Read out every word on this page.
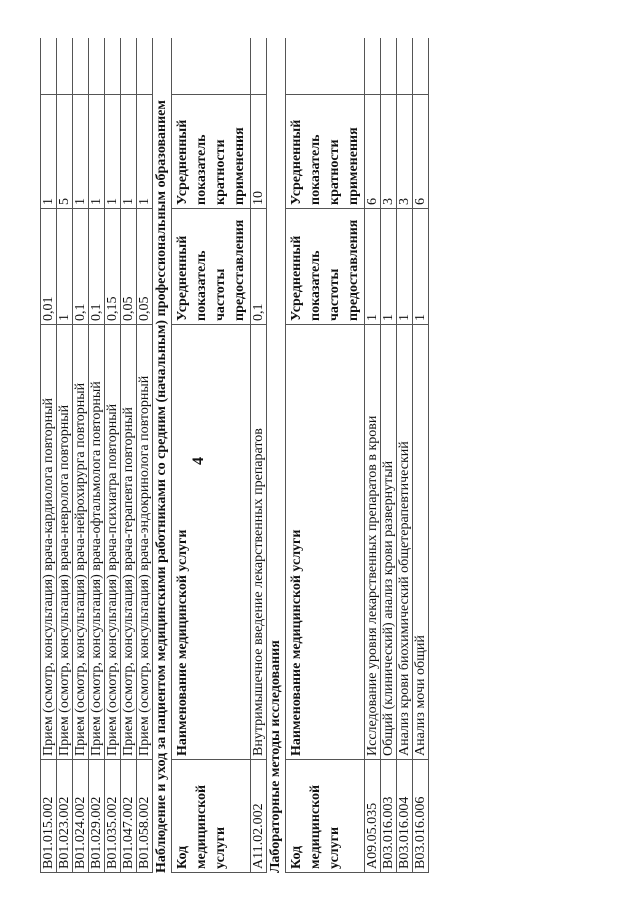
4
B01.015.002
Прием (осмотр, консультация) врача-кардиолога повторный
0,01
1
B01.023.002
Прием (осмотр, консультация) врача-невролога повторный
1
5
B01.024.002
Прием (осмотр, консультация) врача-нейрохирурга повторный
0,1
1
B01.029.002
Прием (осмотр, консультация) врача-офтальмолога повторный
0,1
1
B01.035.002
Прием (осмотр, консультация) врача-психиатра повторный
0,15
1
B01.047.002
Прием (осмотр, консультация) врача-терапевта повторный
0,05
1
B01.058.002
Прием (осмотр, консультация) врача-эндокринолога повторный
0,05
1 Наблюдение и уход за пациентом медицинскими работниками со средним (начальным) профессиональным образованием Код медицинской услуги
Наименование медицинской услуги
Усредненный показатель частоты предоставления
Усредненный показатель кратности применения
A11.02.002
Внутримышечное введение лекарственных препаратов
0,1
10
Лабораторные методы исследования Код медицинской услуги
Наименование медицинской услуги
Усредненный показатель частоты предоставления
Усредненный показатель кратности применения
A09.05.035
Исследование уровня лекарственных препаратов в крови
1
6
B03.016.003
Общий (клинический) анализ крови развернутый
1
3
B03.016.004
Анализ крови биохимический общетерапевтический
1
3
B03.016.006
Анализ мочи общий
1
6
